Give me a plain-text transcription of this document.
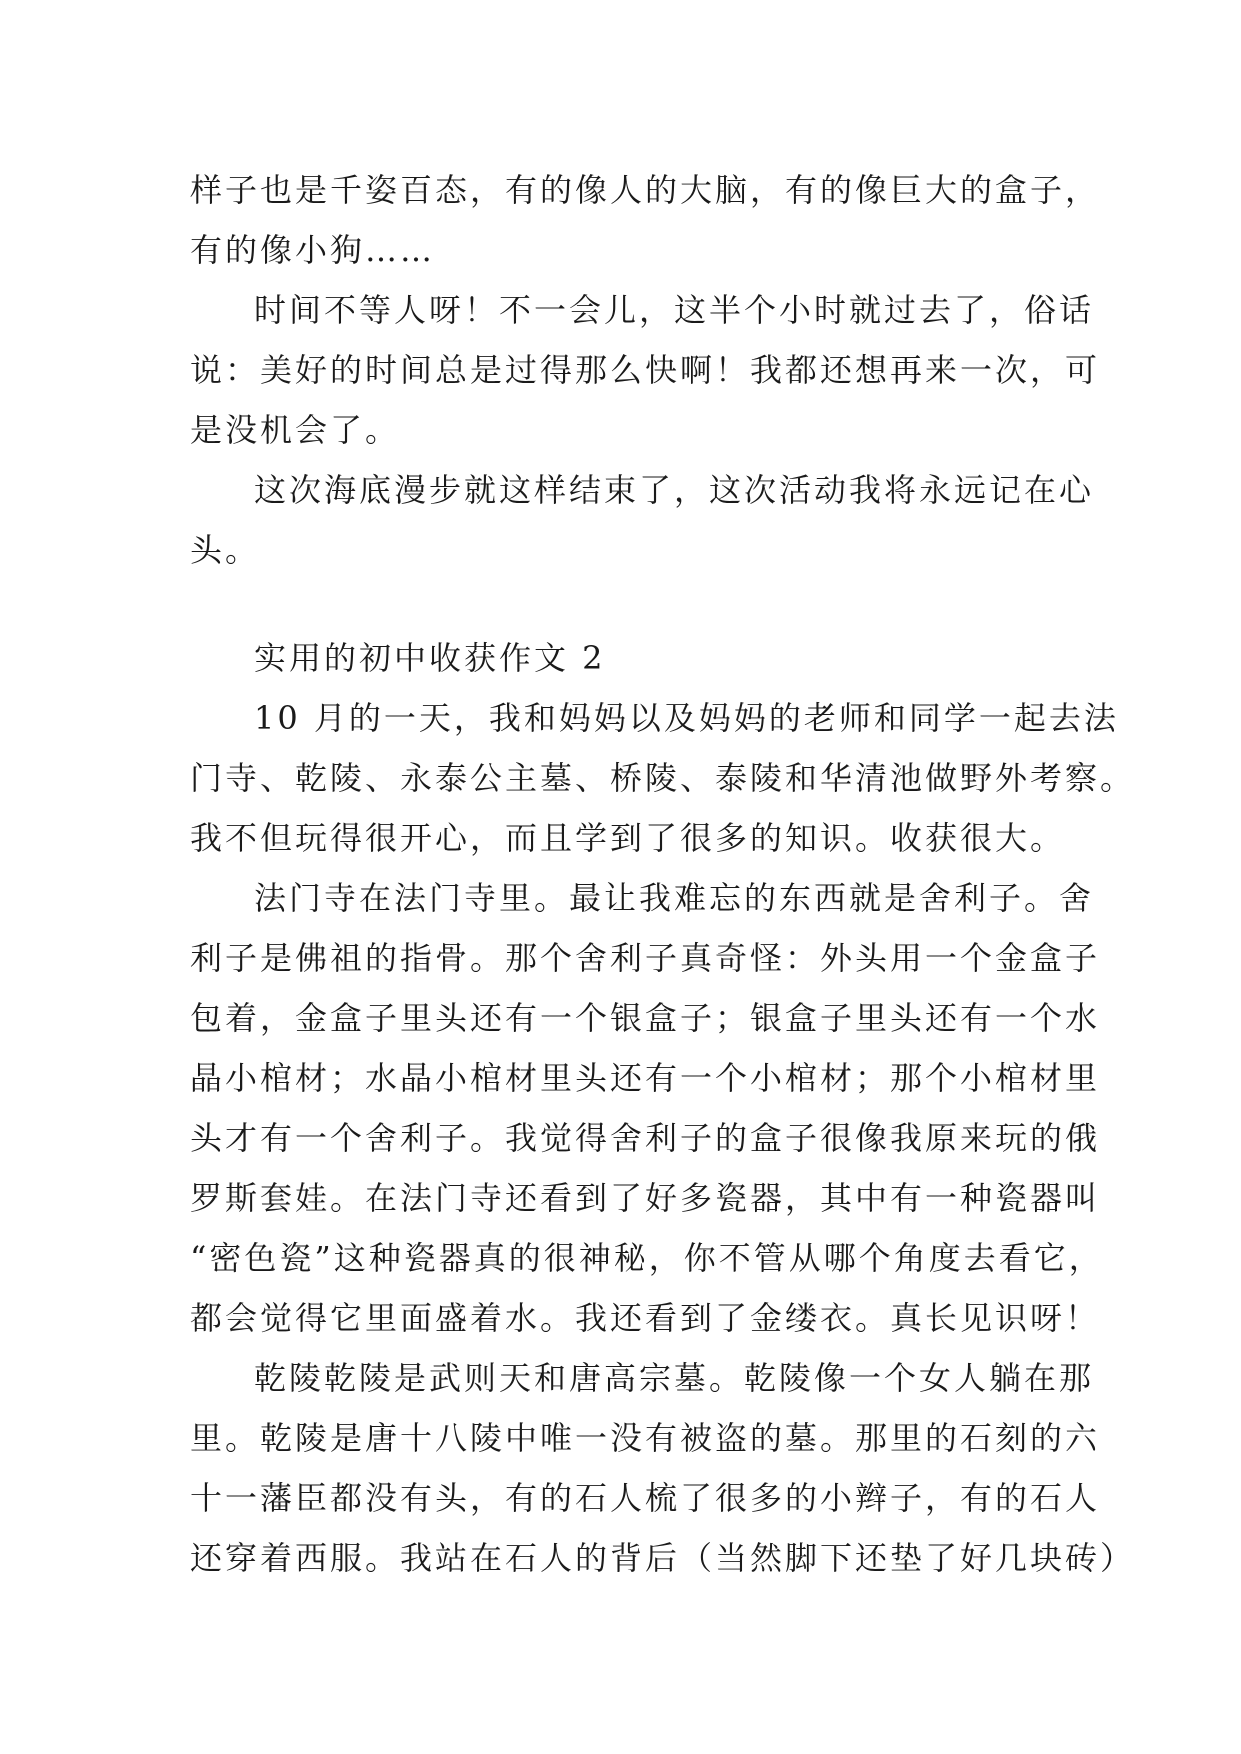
样子也是千姿百态，有的像人的大脑，有的像巨大的盒子，
有的像小狗……
时间不等人呀！不一会儿，这半个小时就过去了，俗话
说：美好的时间总是过得那么快啊！我都还想再来一次，可
是没机会了。
这次海底漫步就这样结束了，这次活动我将永远记在心
头。
实用的初中收获作文 2
10 月的一天，我和妈妈以及妈妈的老师和同学一起去法
门寺、乾陵、永泰公主墓、桥陵、泰陵和华清池做野外考察。
我不但玩得很开心，而且学到了很多的知识。收获很大。
法门寺在法门寺里。最让我难忘的东西就是舍利子。舍
利子是佛祖的指骨。那个舍利子真奇怪：外头用一个金盒子
包着，金盒子里头还有一个银盒子；银盒子里头还有一个水
晶小棺材；水晶小棺材里头还有一个小棺材；那个小棺材里
头才有一个舍利子。我觉得舍利子的盒子很像我原来玩的俄
罗斯套娃。在法门寺还看到了好多瓷器，其中有一种瓷器叫
“密色瓷”这种瓷器真的很神秘，你不管从哪个角度去看它，
都会觉得它里面盛着水。我还看到了金缕衣。真长见识呀！
乾陵乾陵是武则天和唐高宗墓。乾陵像一个女人躺在那
里。乾陵是唐十八陵中唯一没有被盗的墓。那里的石刻的六
十一藩臣都没有头，有的石人梳了很多的小辫子，有的石人
还穿着西服。我站在石人的背后（当然脚下还垫了好几块砖）
